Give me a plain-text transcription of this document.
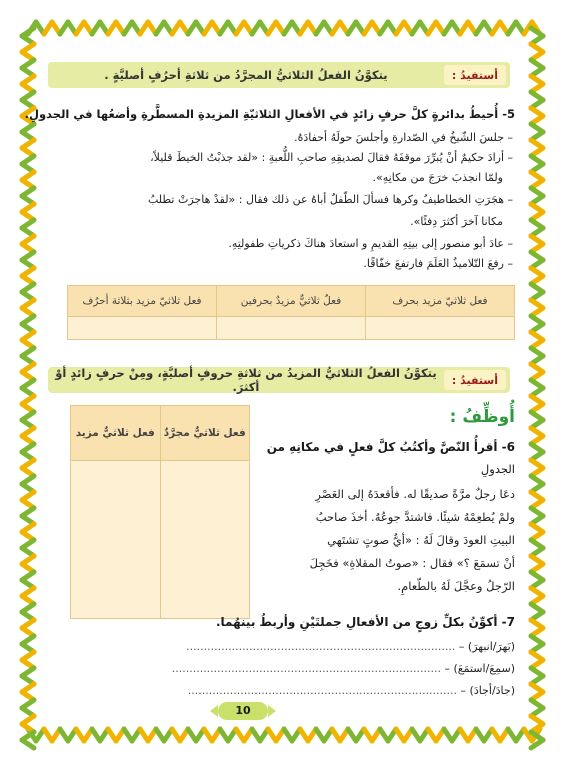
أستفيدُ :
يتكوَّنُ الفعلُ الثلاثيُّ المجرَّدُ من ثلاثةِ أحرُفٍ أصليَّةٍ .
5- أُحيطُ بدائرةٍ كلَّ حرفٍ زائدٍ في الأفعالِ الثلاثيّةِ المزيدةِ المسطَّرةِ وأضعُها في الجدولِ.
– جلسَ الشّيخُ في الصّدارةِ وأجلسَ حولَهُ أحفادَهُ.
– أرادَ حكيمٌ أنْ يُبرِّرَ موقفَهُ فقالَ لصديقِهِ صاحبِ اللُّعبةِ : «لقد جذبْتُ الخيطَ قليلاً،
ولمّا انجذبَ خرَجَ من مكانِهِ».
– هجَرَتِ الخطاطيفُ وكرها فسألَ الطّفلُ أباهُ عن ذلك فقال : «لقدْ هاجرَتْ تطلبُ
مكانا آخرَ أكثرَ دِفئًا».
– عادَ أبو منصور إلى بيتِهِ القديمِ و استعادَ هناكَ ذكرياتِ طفولتِهِ.
– رفعَ التّلاميذُ العَلَمَ فارتفعَ خفّاقًا.
فعل ثلاثيّ مزيد بحرف	فعلٌ ثلاثيٌّ مزيدٌ بحرفين	فعل ثلاثيّ مزيد بثلاثة أحرُف

أستفيدُ :
يتكوَّنُ الفعلُ الثلاثيُّ المزيدُ من ثلاثةِ حروفٍ أصليَّةٍ، ومِنْ حرفٍ زائدٍ أوْ أكثرَ.
أُوظِّفُ :
6- أقرأُ النّصَّ وأكتُبُ كلَّ فعلٍ في مكانِهِ من
الجدولِ
دعَا رجلٌ مرَّةً صديقًا له. فأقعدَهُ إلى العَصْرِ
ولمْ يُطعِمْهُ شيئًا. فاشتدَّ جوعُهُ. أخذَ صاحبُ
البيتِ العودَ وقالَ لَهُ : «أيُّ صوتٍ تشتَهي
أنْ تسمَعَ ؟» فقال : «صوتُ المقلاةِ» فخَجِلَ
الرّجلُ وعجَّلَ لَهُ بالطّعامِ.
فعل ثلاثيٌّ مجرَّدٌ	فعل ثلاثيٌّ مزيد

7- أكوِّنُ بكلِّ زوجٍ من الأفعالِ جملتَيْنِ وأربطُ بينهُما.
(بَهرَ/انبهرَ) – .............................................................................
(سمِعَ/استمَعَ) – .............................................................................
(جادَ/أجادَ) – .............................................................................
10
